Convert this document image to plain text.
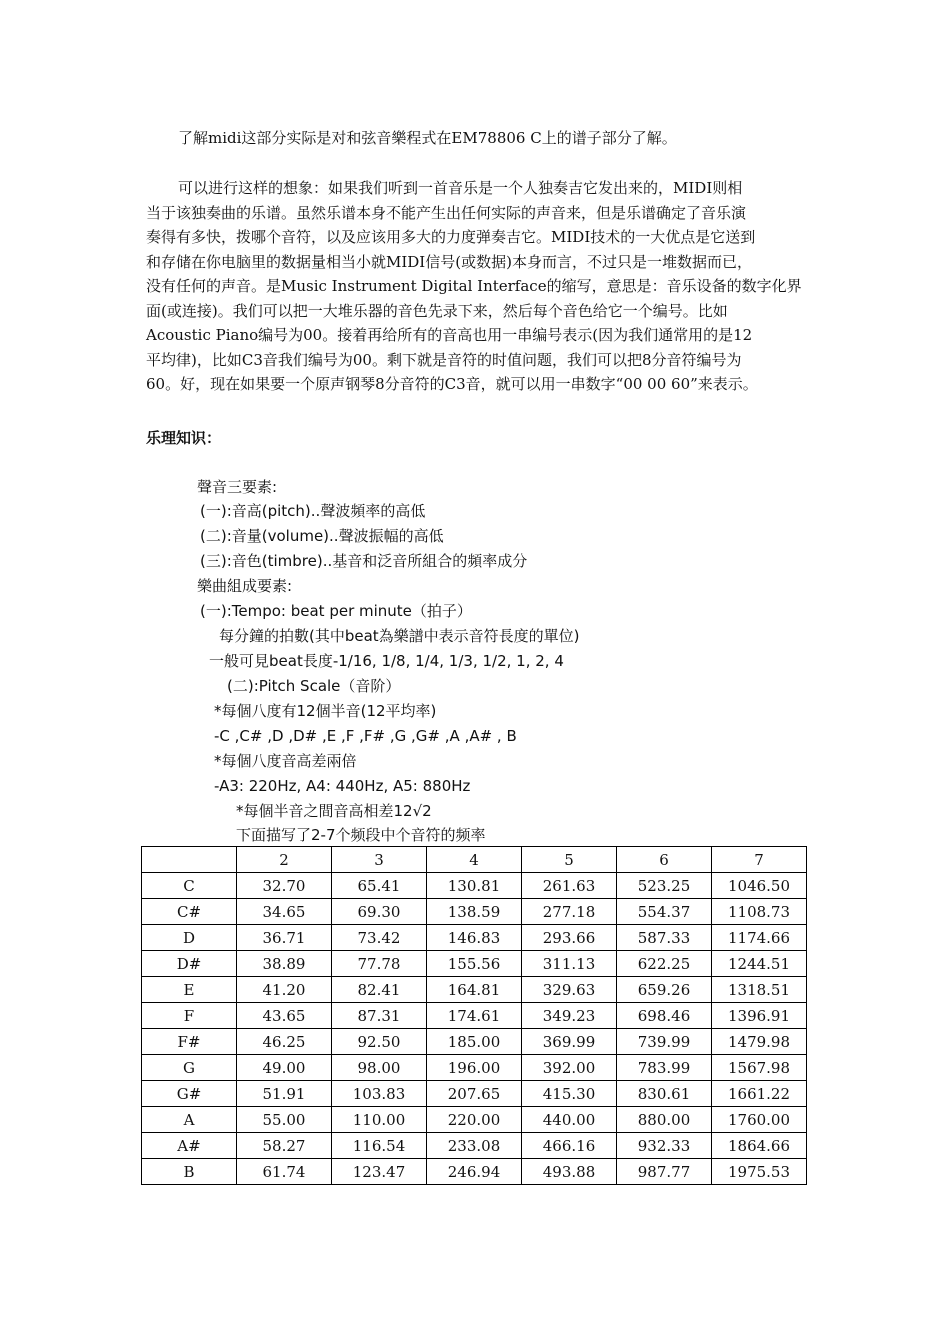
了解midi这部分实际是对和弦音樂程式在EM78806 C上的谱子部分了解。
可以进行这样的想象：如果我们听到一首音乐是一个人独奏吉它发出来的，MIDI则相
当于该独奏曲的乐谱。虽然乐谱本身不能产生出任何实际的声音来，但是乐谱确定了音乐演
奏得有多快，拨哪个音符，以及应该用多大的力度弹奏吉它。MIDI技术的一大优点是它送到
和存储在你电脑里的数据量相当小就MIDI信号(或数据)本身而言，不过只是一堆数据而已，
没有任何的声音。是Music Instrument Digital Interface的缩写，意思是：音乐设备的数字化界
面(或连接)。我们可以把一大堆乐器的音色先录下来，然后每个音色给它一个编号。比如
Acoustic Piano编号为00。接着再给所有的音高也用一串编号表示(因为我们通常用的是12
平均律)，比如C3音我们编号为00。剩下就是音符的时值问题，我们可以把8分音符编号为
60。好，现在如果要一个原声钢琴8分音符的C3音，就可以用一串数字“00 00 60”来表示。
乐理知识：
聲音三要素:
(一):音高(pitch)..聲波頻率的高低
(二):音量(volume)..聲波振幅的高低
(三):音色(timbre)..基音和泛音所組合的頻率成分
樂曲組成要素:
(一):Tempo: beat per minute（拍子）
每分鐘的拍數(其中beat為樂譜中表示音符長度的單位)
一般可見beat長度-1/16, 1/8, 1/4, 1/3, 1/2, 1, 2, 4
(二):Pitch Scale（音阶）
*每個八度有12個半音(12平均率)
-C ,C# ,D ,D# ,E ,F ,F# ,G ,G# ,A ,A# , B
*每個八度音高差兩倍
-A3: 220Hz, A4: 440Hz, A5: 880Hz
*每個半音之間音高相差12√2
下面描写了2-7个频段中个音符的频率
	2	3	4	5	6	7
C	32.70	65.41	130.81	261.63	523.25	1046.50
C#	34.65	69.30	138.59	277.18	554.37	1108.73
D	36.71	73.42	146.83	293.66	587.33	1174.66
D#	38.89	77.78	155.56	311.13	622.25	1244.51
E	41.20	82.41	164.81	329.63	659.26	1318.51
F	43.65	87.31	174.61	349.23	698.46	1396.91
F#	46.25	92.50	185.00	369.99	739.99	1479.98
G	49.00	98.00	196.00	392.00	783.99	1567.98
G#	51.91	103.83	207.65	415.30	830.61	1661.22
A	55.00	110.00	220.00	440.00	880.00	1760.00
A#	58.27	116.54	233.08	466.16	932.33	1864.66
B	61.74	123.47	246.94	493.88	987.77	1975.53
